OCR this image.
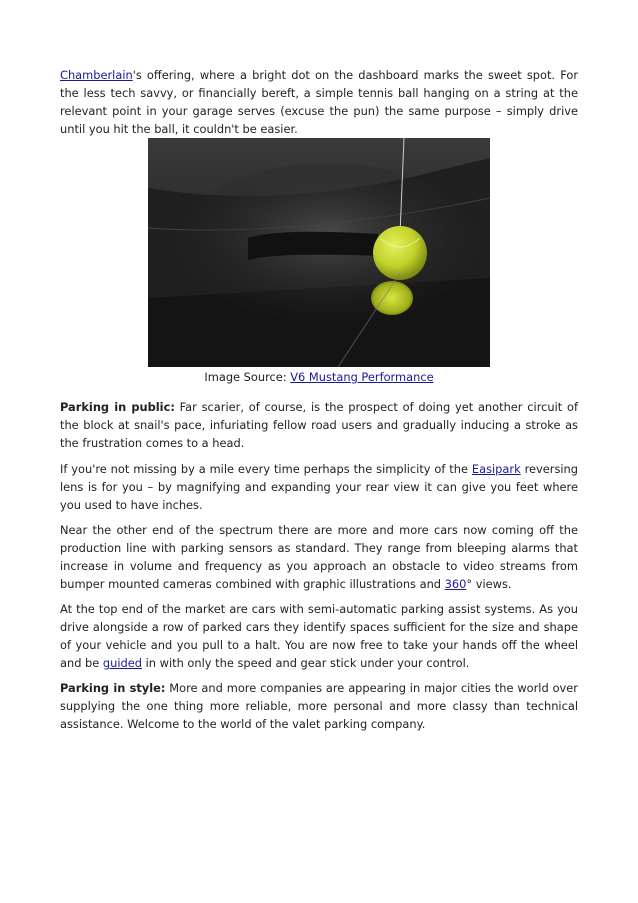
Chamberlain's offering, where a bright dot on the dashboard marks the sweet spot. For the less tech savvy, or financially bereft, a simple tennis ball hanging on a string at the relevant point in your garage serves (excuse the pun) the same purpose – simply drive until you hit the ball, it couldn't be easier.

Image Source: V6 Mustang Performance

Parking in public: Far scarier, of course, is the prospect of doing yet another circuit of the block at snail's pace, infuriating fellow road users and gradually inducing a stroke as the frustration comes to a head.

If you're not missing by a mile every time perhaps the simplicity of the Easipark reversing lens is for you – by magnifying and expanding your rear view it can give you feet where you used to have inches.

Near the other end of the spectrum there are more and more cars now coming off the production line with parking sensors as standard. They range from bleeping alarms that increase in volume and frequency as you approach an obstacle to video streams from bumper mounted cameras combined with graphic illustrations and 360° views.

At the top end of the market are cars with semi-automatic parking assist systems. As you drive alongside a row of parked cars they identify spaces sufficient for the size and shape of your vehicle and you pull to a halt. You are now free to take your hands off the wheel and be guided in with only the speed and gear stick under your control.

Parking in style: More and more companies are appearing in major cities the world over supplying the one thing more reliable, more personal and more classy than technical assistance. Welcome to the world of the valet parking company.
